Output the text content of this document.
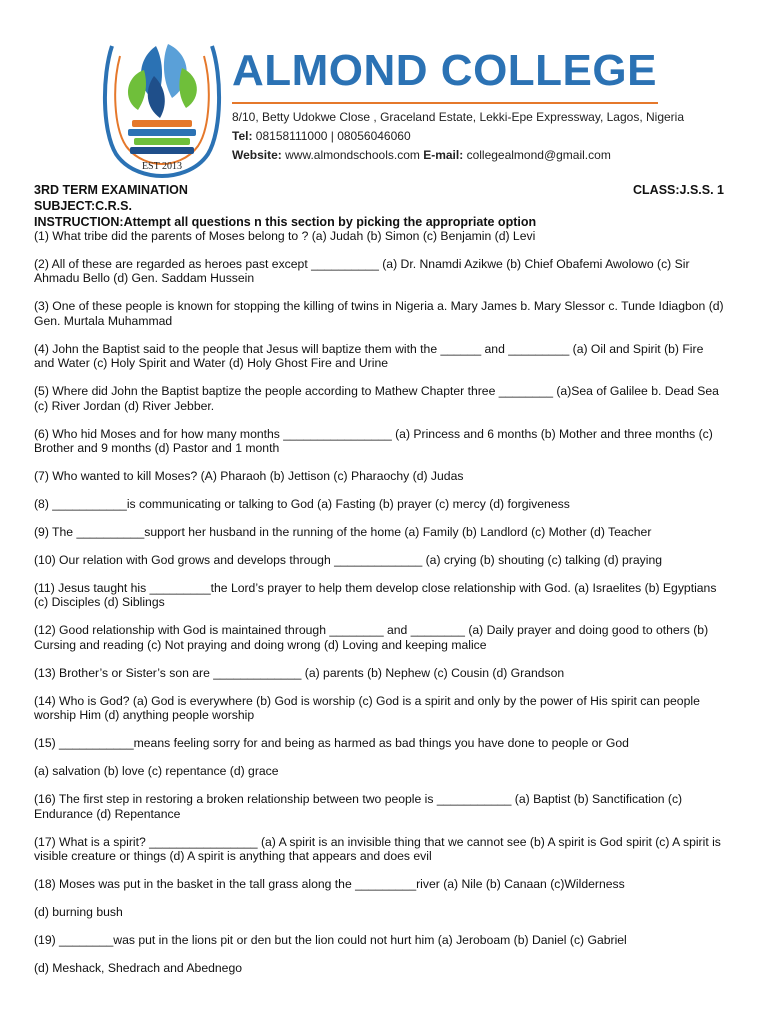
EST 2013
ALMOND COLLEGE
8/10, Betty Udokwe Close , Graceland Estate, Lekki-Epe Expressway, Lagos, Nigeria
Tel: 08158111000 | 08056046060
Website: www.almondschools.com E-mail: collegealmond@gmail.com
3RD TERM EXAMINATION	CLASS:J.S.S. 1
SUBJECT:C.R.S.
INSTRUCTION:Attempt all questions n this section by picking the appropriate option
(1) What tribe did the parents of Moses belong to ? (a) Judah (b) Simon (c) Benjamin (d) Levi
(2) All of these are regarded as heroes past except __________ (a) Dr. Nnamdi Azikwe (b) Chief Obafemi Awolowo (c) Sir Ahmadu Bello (d) Gen. Saddam Hussein
(3) One of these people is known for stopping the killing of twins in Nigeria a. Mary James b. Mary Slessor c. Tunde Idiagbon (d) Gen. Murtala Muhammad
(4) John the Baptist said to the people that Jesus will baptize them with the ______ and _________ (a) Oil and Spirit (b) Fire and Water (c) Holy Spirit and Water (d) Holy Ghost Fire and Urine
(5) Where did John the Baptist baptize the people according to Mathew Chapter three ________ (a)Sea of Galilee b. Dead Sea (c) River Jordan (d) River Jebber.
(6) Who hid Moses and for how many months ________________ (a) Princess and 6 months (b) Mother and three months (c) Brother and 9 months (d) Pastor and 1 month
(7) Who wanted to kill Moses? (A) Pharaoh (b) Jettison (c) Pharaochy (d) Judas
(8) ___________is communicating or talking to God (a) Fasting (b) prayer (c) mercy (d) forgiveness
(9) The __________support her husband in the running of the home (a) Family (b) Landlord (c) Mother (d) Teacher
(10) Our relation with God grows and develops through _____________ (a) crying (b) shouting (c) talking (d) praying
(11) Jesus taught his _________the Lord’s prayer to help them develop close relationship with God. (a) Israelites (b) Egyptians (c) Disciples (d) Siblings
(12) Good relationship with God is maintained through ________ and ________ (a) Daily prayer and doing good to others (b) Cursing and reading (c) Not praying and doing wrong (d) Loving and keeping malice
(13) Brother’s or Sister’s son are _____________ (a) parents (b) Nephew (c) Cousin (d) Grandson
(14) Who is God? (a) God is everywhere (b) God is worship (c) God is a spirit and only by the power of His spirit can people worship Him (d) anything people worship
(15) ___________means feeling sorry for and being as harmed as bad things you have done to people or God
(a) salvation (b) love (c) repentance (d) grace
(16) The first step in restoring a broken relationship between two people is ___________ (a) Baptist (b) Sanctification (c) Endurance (d) Repentance
(17) What is a spirit? ________________ (a) A spirit is an invisible thing that we cannot see (b) A spirit is God spirit (c) A spirit is visible creature or things (d) A spirit is anything that appears and does evil
(18) Moses was put in the basket in the tall grass along the _________river (a) Nile (b) Canaan (c)Wilderness
(d) burning bush
(19) ________was put in the lions pit or den but the lion could not hurt him (a) Jeroboam (b) Daniel (c) Gabriel
(d) Meshack, Shedrach and Abednego
